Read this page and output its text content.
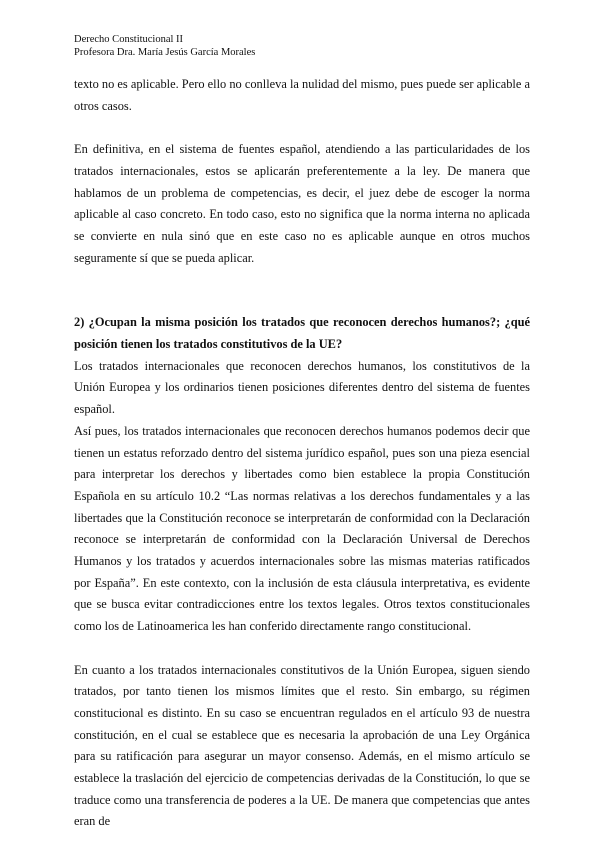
Derecho Constitucional II
Profesora Dra. María Jesús García Morales

texto no es aplicable. Pero ello no conlleva la nulidad del mismo, pues puede ser aplicable a otros casos.

En definitiva, en el sistema de fuentes español, atendiendo a las particularidades de los tratados internacionales, estos se aplicarán preferentemente a la ley. De manera que hablamos de un problema de competencias, es decir, el juez debe de escoger la norma aplicable al caso concreto. En todo caso, esto no significa que la norma interna no aplicada se convierte en nula sinó que en este caso no es aplicable aunque en otros muchos seguramente sí que se pueda aplicar.

2) ¿Ocupan la misma posición los tratados que reconocen derechos humanos?; ¿qué posición tienen los tratados constitutivos de la UE?

Los tratados internacionales que reconocen derechos humanos, los constitutivos de la Unión Europea y los ordinarios tienen posiciones diferentes dentro del sistema de fuentes español.

Así pues, los tratados internacionales que reconocen derechos humanos podemos decir que tienen un estatus reforzado dentro del sistema jurídico español, pues son una pieza esencial para interpretar los derechos y libertades como bien establece la propia Constitución Española en su artículo 10.2 “Las normas relativas a los derechos fundamentales y a las libertades que la Constitución reconoce se interpretarán de conformidad con la Declaración reconoce se interpretarán de conformidad con la Declaración Universal de Derechos Humanos y los tratados y acuerdos internacionales sobre las mismas materias ratificados por España”. En este contexto, con la inclusión de esta cláusula interpretativa, es evidente que se busca evitar contradicciones entre los textos legales. Otros textos constitucionales como los de Latinoamerica les han conferido directamente rango constitucional.

En cuanto a los tratados internacionales constitutivos de la Unión Europea, siguen siendo tratados, por tanto tienen los mismos límites que el resto. Sin embargo, su régimen constitucional es distinto. En su caso se encuentran regulados en el artículo 93 de nuestra constitución, en el cual se establece que es necesaria la aprobación de una Ley Orgánica para su ratificación para asegurar un mayor consenso. Además, en el mismo artículo se establece la traslación del ejercicio de competencias derivadas de la Constitución, lo que se traduce como una transferencia de poderes a la UE. De manera que competencias que antes eran de
